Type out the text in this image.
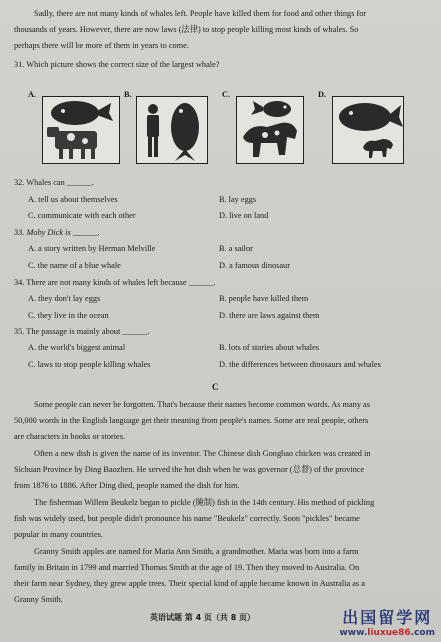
Sadly, there are not many kinds of whales left. People have killed them for food and other things for
thousands of years. However, there are now laws (法律) to stop people killing most kinds of whales. So
perhaps there will be more of them in years to come.
31. Which picture shows the correct size of the largest whale?
A.	B.	C.	D.
32. Whales can ______.
A. tell us about themselves	B. lay eggs
C. communicate with each other	D. live on land
33. Moby Dick is ______.
A. a story written by Herman Melville	B. a sailor
C. the name of a blue whale	D. a famous dinosaur
34. There are not many kinds of whales left because ______.
A. they don't lay eggs	B. people have killed them
C. they live in the ocean	D. there are laws against them
35. The passage is mainly about ______.
A. the world's biggest animal	B. lots of stories about whales
C. laws to stop people killing whales	D. the differences between dinosaurs and whales
C
Some people can never be forgotten. That's because their names become common words. As many as
50,000 words in the English language get their meaning from people's names. Some are real people, others
are characters in books or stories.
Often a new dish is given the name of its inventor. The Chinese dish Gongbao chicken was created in
Sichuan Province by Ding Baozhen. He served the hot dish when he was governor (总督) of the province
from 1876 to 1886. After Ding died, people named the dish for him.
The fisherman Willem Beukelz began to pickle (腌制) fish in the 14th century. His method of pickling
fish was widely used, but people didn't pronounce his name "Beukelz" correctly. Soon "pickles" became
popular in many countries.
Granny Smith apples are named for Maria Ann Smith, a grandmother. Maria was born into a farm
family in Britain in 1799 and married Thomas Smith at the age of 19. Then they moved to Australia. On
their farm near Sydney, they grew apple trees. Their special kind of apple became known in Australia as a
Granny Smith.
英语试题 第 4 页（共 8 页）	出国留学网
www.liuxue86.com
